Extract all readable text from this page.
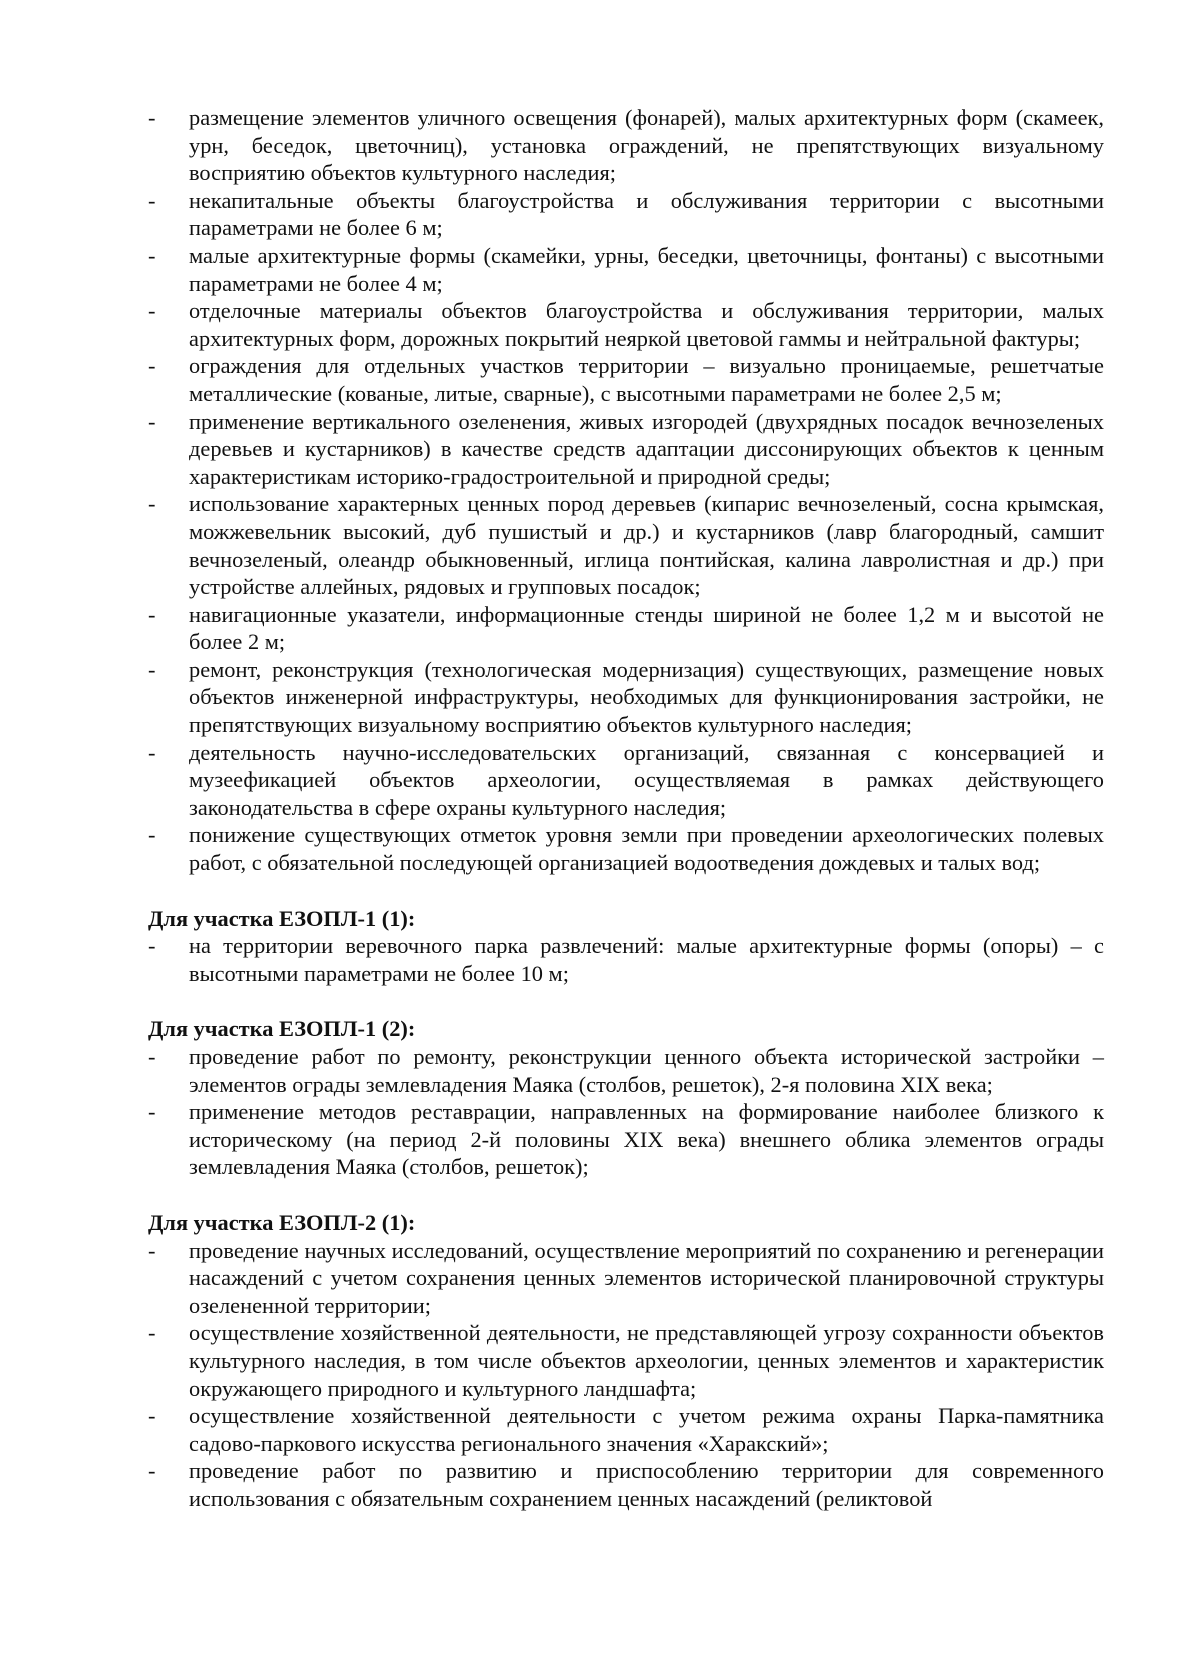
- размещение элементов уличного освещения (фонарей), малых архитектурных форм (скамеек, урн, беседок, цветочниц), установка ограждений, не препятствующих визуальному восприятию объектов культурного наследия;
- некапитальные объекты благоустройства и обслуживания территории с высотными параметрами не более 6 м;
- малые архитектурные формы (скамейки, урны, беседки, цветочницы, фонтаны) с высотными параметрами не более 4 м;
- отделочные материалы объектов благоустройства и обслуживания территории, малых архитектурных форм, дорожных покрытий неяркой цветовой гаммы и нейтральной фактуры;
- ограждения для отдельных участков территории – визуально проницаемые, решетчатые металлические (кованые, литые, сварные), с высотными параметрами не более 2,5 м;
- применение вертикального озеленения, живых изгородей (двухрядных посадок вечнозеленых деревьев и кустарников) в качестве средств адаптации диссонирующих объектов к ценным характеристикам историко-градостроительной и природной среды;
- использование характерных ценных пород деревьев (кипарис вечнозеленый, сосна крымская, можжевельник высокий, дуб пушистый и др.) и кустарников (лавр благородный, самшит вечнозеленый, олеандр обыкновенный, иглица понтийская, калина лавролистная и др.) при устройстве аллейных, рядовых и групповых посадок;
- навигационные указатели, информационные стенды шириной не более 1,2 м и высотой не более 2 м;
- ремонт, реконструкция (технологическая модернизация) существующих, размещение новых объектов инженерной инфраструктуры, необходимых для функционирования застройки, не препятствующих визуальному восприятию объектов культурного наследия;
- деятельность научно-исследовательских организаций, связанная с консервацией и музеефикацией объектов археологии, осуществляемая в рамках действующего законодательства в сфере охраны культурного наследия;
- понижение существующих отметок уровня земли при проведении археологических полевых работ, с обязательной последующей организацией водоотведения дождевых и талых вод;

Для участка ЕЗОПЛ-1 (1):

- на территории веревочного парка развлечений: малые архитектурные формы (опоры) – с высотными параметрами не более 10 м;

Для участка ЕЗОПЛ-1 (2):

- проведение работ по ремонту, реконструкции ценного объекта исторической застройки – элементов ограды землевладения Маяка (столбов, решеток), 2-я половина XIX века;
- применение методов реставрации, направленных на формирование наиболее близкого к историческому (на период 2-й половины XIX века) внешнего облика элементов ограды землевладения Маяка (столбов, решеток);

Для участка ЕЗОПЛ-2 (1):

- проведение научных исследований, осуществление мероприятий по сохранению и регенерации насаждений с учетом сохранения ценных элементов исторической планировочной структуры озелененной территории;
- осуществление хозяйственной деятельности, не представляющей угрозу сохранности объектов культурного наследия, в том числе объектов археологии, ценных элементов и характеристик окружающего природного и культурного ландшафта;
- осуществление хозяйственной деятельности с учетом режима охраны Парка-памятника садово-паркового искусства регионального значения «Харакский»;
- проведение работ по развитию и приспособлению территории для современного использования с обязательным сохранением ценных насаждений (реликтовой
